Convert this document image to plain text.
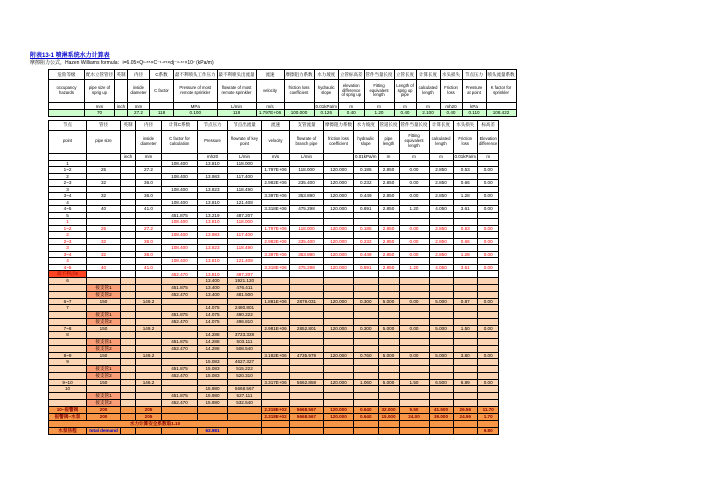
附表13-1 喷淋系统水力计算表
摩擦阻力公式，Hazen Williams formula：i=6.05×Q¹·⁸⁵×C⁻¹·⁸⁵×dj⁻⁴·⁸⁷×10⁷ (kPa/m)
危险等级	配水立管管径	英制	内径	C系数	最不利喷头工作压力	最不利喷头出流量	流速	摩擦阻力系数	水力坡度	立管标高差	管件当量长度	立管长度	计算长度	水头损失	节点压力	喷头流量系数
occupancy hazards	pipe size of sprig up		inside diameter	C factor	Pressure of most remote sprinkler	flowrate of most remote sprinkler	velocity	friction loss coefficient	hydraulic slope	elevation difference of sprig up	Fitting equivalent length	Length of sprig up pipe	calculated length	Friction loss	Pressure at point	K factor for sprinkler
	mm	inch	mm		MPa	L/min	m/s		0.01kPa/m	m	m	m	m	mh20	kPa	
	70		27.2	118	0.100	118	1.797E+06	100.000	0.126	0.40	1.20	0.40	2.100	0.40	0.110	108.422
节点	管径	英制	内径	计算C系数	节点压力	节点出流量	流速	支管流量	摩擦阻力系数	水力坡度	管道长度	管件当量长度	计算长度	水头损失	标高差
point	pipe size		inside diameter	C factor for calculation	Pressure	flowrate of key point	velocity	flowrate of branch pipe	friction loss coefficient	hydraulic slope	pipe length	Fitting equivalent length	calculated length	Friction loss	Elevation difference
		inch	mm		mh20	L/min	m/s	L/min		0.01kPa/m	m	m	m	0.01kPa/m	m
1				108.400	13.810	118.000									
1~2	25		27.2				1.797E+06	118.000	120.000	0.185	2.850	0.00	2.850	0.53	0.00
2				108.400	13.983	117.400									
2~3	32		36.0				2.982E+06	235.400	120.000	0.232	2.850	0.00	2.850	0.66	0.00
3				108.400	13.823	118.490									
3~4	32		36.0				3.397E+06	353.890	120.000	0.449	2.850	0.00	2.850	1.28	0.00
4				108.400	13.810	121.408									
4~5	40		41.0				3.318E+06	475.298	120.000	0.891	2.850	1.20	4.050	3.61	0.00
5				451.875	13.219	487.207									
1				108.400	13.810	118.000									
1~2	25		27.2				1.797E+06	118.000	120.000	0.185	2.850	0.00	2.850	0.53	0.00
2				108.400	13.983	117.400									
2~3	32		36.0				2.982E+06	235.400	120.000	0.232	2.850	0.00	2.850	0.66	0.00
3				108.400	13.823	118.490									
3~4	32		36.0				3.397E+06	353.890	120.000	0.449	2.850	0.00	2.850	1.28	0.00
4				108.400	13.810	121.408									
4~5	40		41.0				3.318E+06	475.298	120.000	0.891	2.850	1.20	4.050	3.61	0.00
最不利点5				452.470	13.810	487.207									
6					13.400	1921.120									
	接支管1			451.875	13.400	476.411									
	接支管2			452.470	13.400	481.500									
6~7	150		149.2				1.881E+06	2879.031	120.000	0.300	5.000	0.00	5.000	0.87	0.00
7					14.075	2480.801									
	接支管1			451.875	14.075	490.222									
	接支管2			452.470	14.075	496.810									
7~8	150		149.2				2.981E+06	2852.801	120.000	0.300	5.000	0.00	5.000	1.50	0.00
8					14.288	3723.328									
	接支管1			451.875	14.288	503.111									
	接支管2			452.470	14.288	508.540									
8~9	150		149.2				3.182E+06	4735.979	120.000	0.760	5.000	0.00	5.000	3.80	0.00
9					15.083	4627.327									
	接支管1			451.875	15.083	515.222									
	接支管2			452.470	15.083	520.310									
9~10	150		146.2				3.317E+06	5662.859	120.000	1.060	5.000	1.50	6.500	6.89	0.00
10					15.980	5668.567									
	接支管1			451.875	15.980	527.111									
	接支管2			452.470	15.980	532.540									
10~报警阀	200		205				2.318E+02	5668.567	120.000	0.640	32.000	9.50	41.500	26.56	11.70
报警阀~水泵	200		205				2.318E+02	5668.567	120.000	0.640	15.000	24.00	39.000	24.96	1.70
水力计算安全系数取1.10															
水泵扬程	total demand				63.981										9.80
